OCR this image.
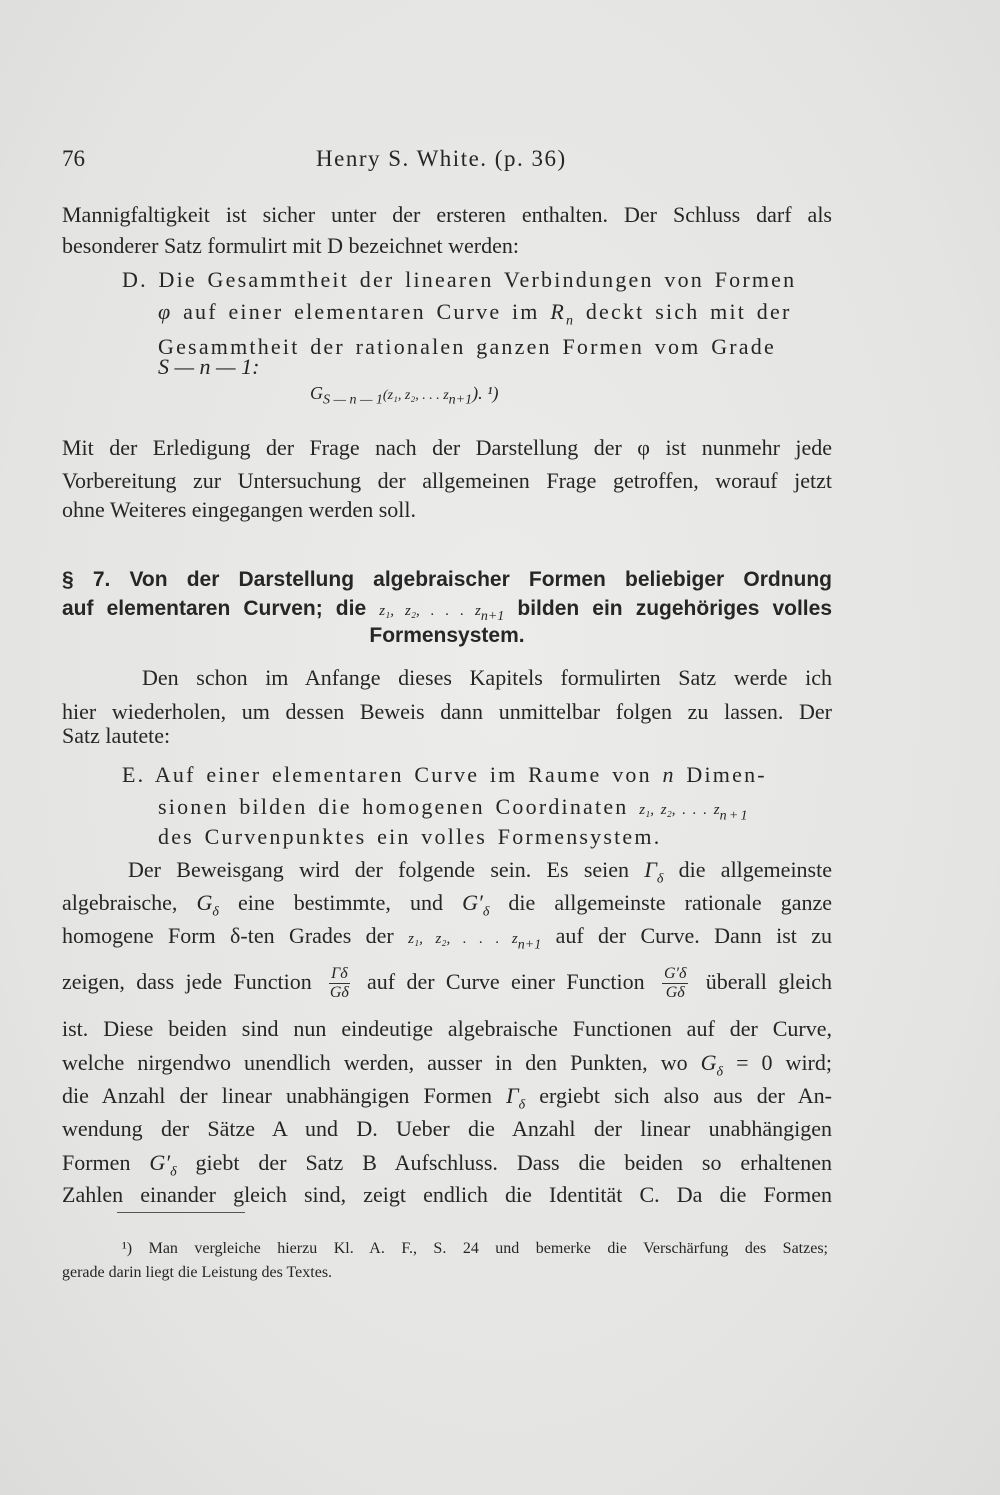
76	Henry S. White. (p. 36)
Mannigfaltigkeit ist sicher unter der ersteren enthalten. Der Schluss darf als
besonderer Satz formulirt mit D bezeichnet werden:
D. Die Gesammtheit der linearen Verbindungen von Formen
φ auf einer elementaren Curve im $R_n$ deckt sich mit der
Gesammtheit der rationalen ganzen Formen vom Grade
S — n — 1:
$G_{S — n — 1}(z_1$, z₂, . . . $z_{n+1}$). ¹)
Mit der Erledigung der Frage nach der Darstellung der φ ist nunmehr jede
Vorbereitung zur Untersuchung der allgemeinen Frage getroffen, worauf jetzt
ohne Weiteres eingegangen werden soll.
§ 7. Von der Darstellung algebraischer Formen beliebiger Ordnung
auf elementaren Curven; die z₁, z₂, . . . $z_{n+1}$ bilden ein zugehöriges volles
Formensystem.
Den schon im Anfange dieses Kapitels formulirten Satz werde ich
hier wiederholen, um dessen Beweis dann unmittelbar folgen zu lassen. Der
Satz lautete:
E. Auf einer elementaren Curve im Raume von n Dimen-
sionen bilden die homogenen Coordinaten z₁, z₂, . . . $z_{n+1}$
des Curvenpunktes ein volles Formensystem.
Der Beweisgang wird der folgende sein. Es seien $\Gamma_\delta$ die allgemeinste
algebraische, $G_\delta$ eine bestimmte, und $G'_\delta$ die allgemeinste rationale ganze
homogene Form δ-ten Grades der z₁, z₂, . . . $z_{n+1}$ auf der Curve. Dann ist zu
zeigen, dass jede Function $\frac{\Gamma\delta}{G\delta}$ auf der Curve einer Function $\frac{G'\delta}{G\delta}$ überall gleich
ist. Diese beiden sind nun eindeutige algebraische Functionen auf der Curve,
welche nirgendwo unendlich werden, ausser in den Punkten, wo $G_\delta = 0$ wird;
die Anzahl der linear unabhängigen Formen $\Gamma_\delta$ ergiebt sich also aus der An-
wendung der Sätze A und D. Ueber die Anzahl der linear unabhängigen
Formen $G'_\delta$ giebt der Satz B Aufschluss. Dass die beiden so erhaltenen
Zahlen einander gleich sind, zeigt endlich die Identität C. Da die Formen
¹) Man vergleiche hierzu Kl. A. F., S. 24 und bemerke die Verschärfung des Satzes;
gerade darin liegt die Leistung des Textes.
